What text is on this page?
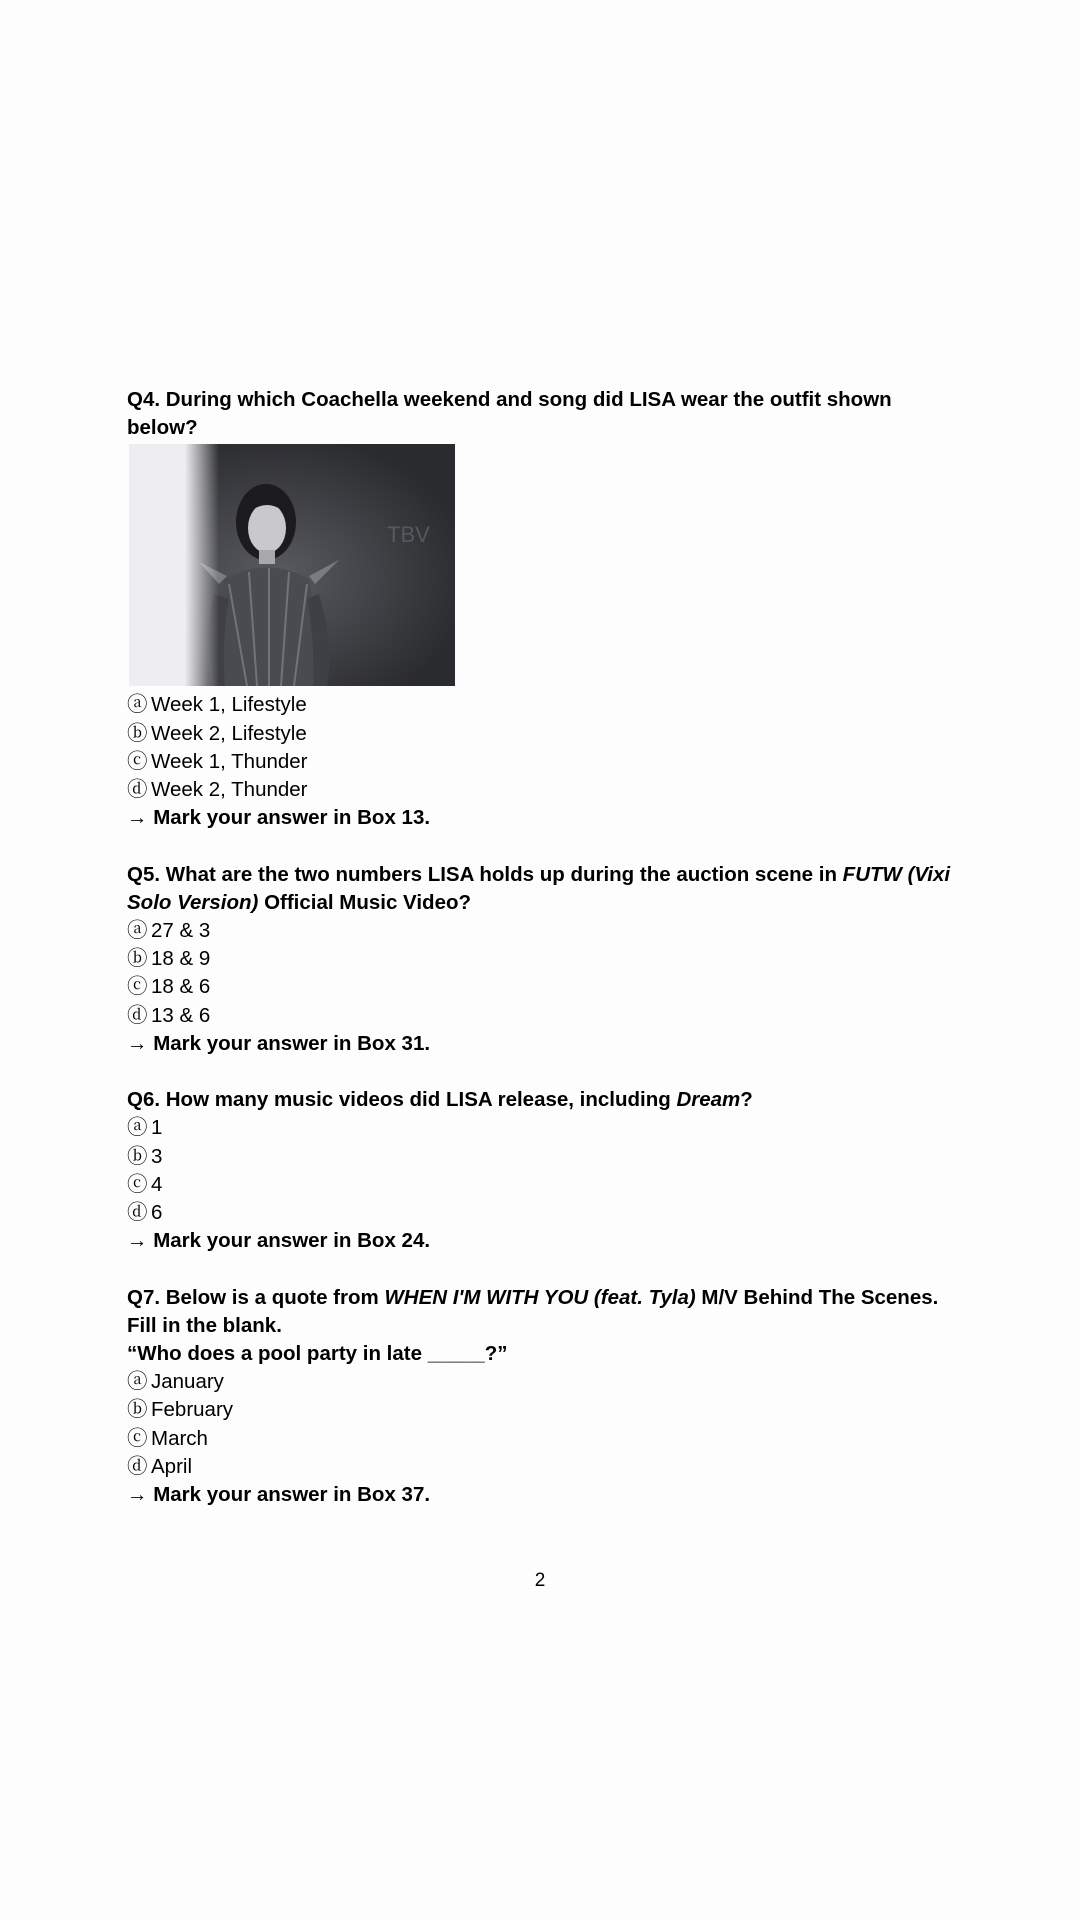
Q4. During which Coachella weekend and song did LISA wear the outfit shown below?

TBV

ⓐ Week 1, Lifestyle

ⓑ Week 2, Lifestyle

ⓒ Week 1, Thunder

ⓓ Week 2, Thunder

→ Mark your answer in Box 13.

Q5. What are the two numbers LISA holds up during the auction scene in FUTW (Vixi Solo Version) Official Music Video?

ⓐ 27 & 3

ⓑ 18 & 9

ⓒ 18 & 6

ⓓ 13 & 6

→ Mark your answer in Box 31.

Q6. How many music videos did LISA release, including Dream?

ⓐ 1

ⓑ 3

ⓒ 4

ⓓ 6

→ Mark your answer in Box 24.

Q7. Below is a quote from WHEN I'M WITH YOU (feat. Tyla) M/V Behind The Scenes. Fill in the blank.

“Who does a pool party in late _____?”

ⓐ January

ⓑ February

ⓒ March

ⓓ April

→ Mark your answer in Box 37.

2
